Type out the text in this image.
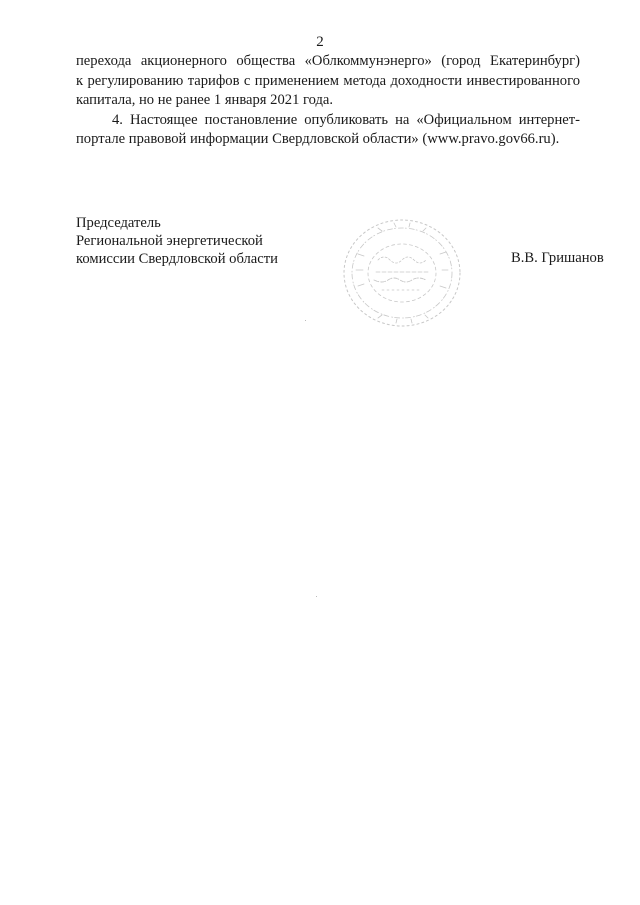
2
перехода акционерного общества «Облкоммунэнерго» (город Екатеринбург)
к регулированию тарифов с применением метода доходности инвестированного
капитала, но не ранее 1 января 2021 года.
4. Настоящее постановление опубликовать на «Официальном интернет-
портале правовой информации Свердловской области» (www.pravo.gov66.ru).
Председатель
Региональной энергетической
комиссии Свердловской области	В.В. Гришанов
